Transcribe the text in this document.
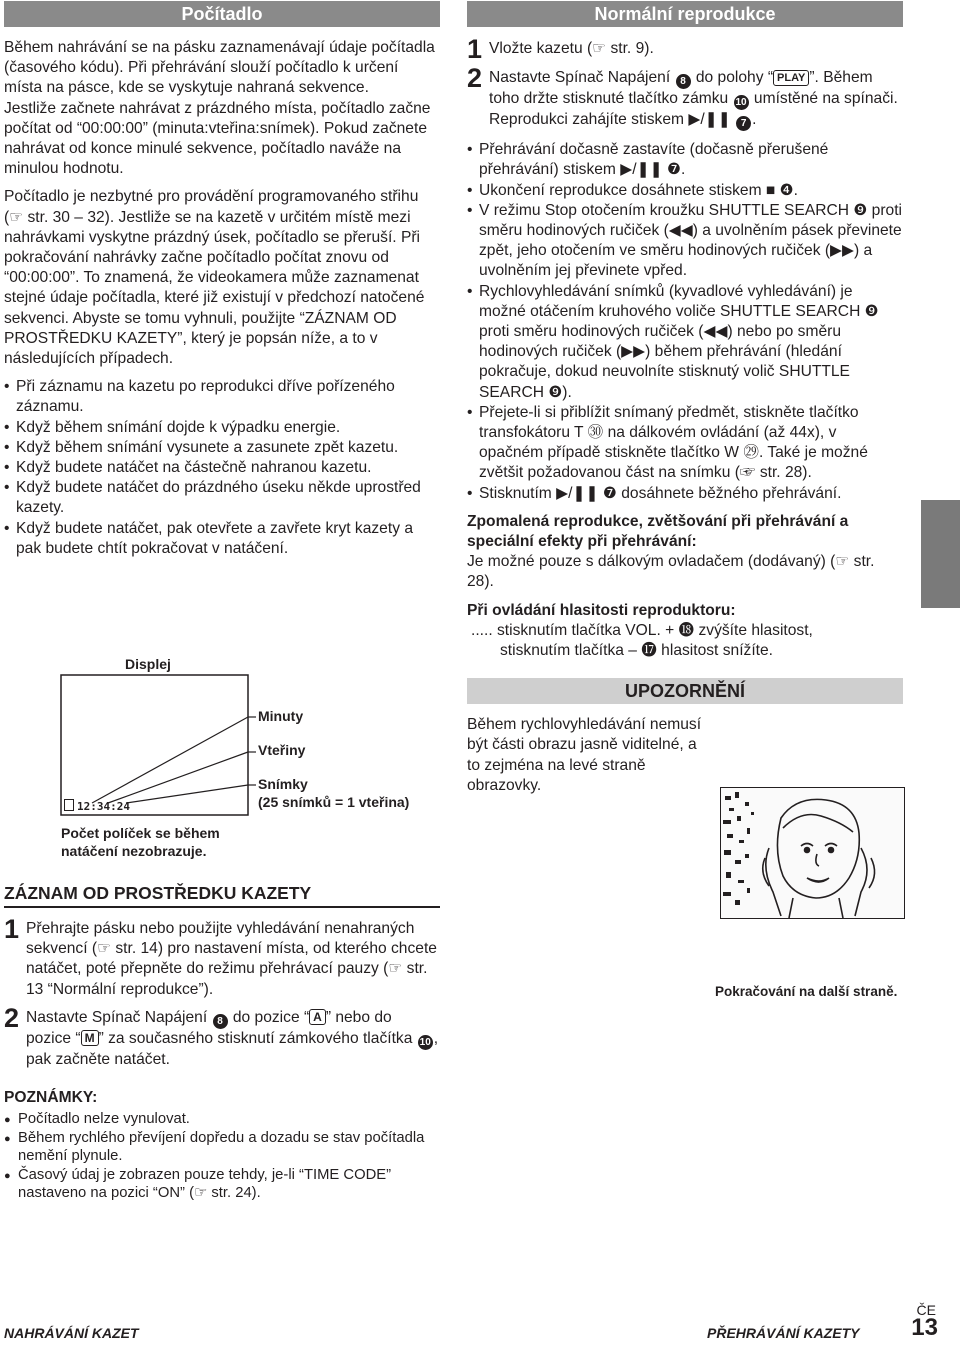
Počítadlo

Během nahrávání se na pásku zaznamenávají údaje počítadla (časového kódu). Při přehrávání slouží počítadlo k určení místa na pásce, kde se vyskytuje nahraná sekvence.

Jestliže začnete nahrávat z prázdného místa, počítadlo začne počítat od “00:00:00” (minuta:vteřina:snímek). Pokud začnete nahrávat od konce minulé sekvence, počítadlo naváže na minulou hodnotu.

Počítadlo je nezbytné pro provádění programovaného střihu (☞ str. 30 – 32). Jestliže se na kazetě v určitém místě mezi nahrávkami vyskytne prázdný úsek, počítadlo se přeruší. Při pokračování nahrávky začne počítadlo počítat znovu od “00:00:00”. To znamená, že videokamera může zaznamenat stejné údaje počítadla, které již existují v předchozí natočené sekvenci. Abyste se tomu vyhnuli, použijte “ZÁZNAM OD PROSTŘEDKU KAZETY”, který je popsán níže, a to v následujících případech.

• Při záznamu na kazetu po reprodukci dříve pořízeného záznamu.
• Když během snímání dojde k výpadku energie.
• Když během snímání vysunete a zasunete zpět kazetu.
• Když budete natáčet na částečně nahranou kazetu.
• Když budete natáčet do prázdného úseku někde uprostřed kazety.
• Když budete natáčet, pak otevřete a zavřete kryt kazety a pak budete chtít pokračovat v natáčení.
Displej
12:34:24
Minuty
Vteřiny
Snímky
(25 snímků = 1 vteřina)
Počet políček se během natáčení nezobrazuje.
ZÁZNAM OD PROSTŘEDKU KAZETY
1 Přehrajte pásku nebo použijte vyhledávání nenahraných sekvencí (☞ str. 14) pro nastavení místa, od kterého chcete natáčet, poté přepněte do režimu přehrávací pauzy (☞ str. 13 “Normální reprodukce”).
2 Nastavte Spínač Napájení 8 do pozice “ A ” nebo do pozice “ M ” za současného stisknutí zámkového tlačítka 10 , pak začněte natáčet.
POZNÁMKY:
● Počítadlo nelze vynulovat.
● Během rychlého převíjení dopředu a dozadu se stav počítadla nemění plynule.
● Časový údaj je zobrazen pouze tehdy, je-li “TIME CODE” nastaveno na pozici “ON” (☞ str. 24).
Normální reprodukce
1 Vložte kazetu (☞ str. 9).
2 Nastavte Spínač Napájení 8 do polohy “ PLAY ”. Během toho držte stisknuté tlačítko zámku 10 umístěné na spínači. Reprodukci zahájíte stiskem ▶/❚❚ 7 .
• Přehrávání dočasně zastavíte (dočasně přerušené přehrávání) stiskem ▶/❚❚ ❼.
• Ukončení reprodukce dosáhnete stiskem ■ ❹.
• V režimu Stop otočením kroužku SHUTTLE SEARCH ❾ proti směru hodinových ručiček (◀◀) a uvolněním pásek převinete zpět, jeho otočením ve směru hodinových ručiček (▶▶) a uvolněním jej převinete vpřed.
• Rychlovyhledávání snímků (kyvadlové vyhledávání) je možné otáčením kruhového voliče SHUTTLE SEARCH ❾ proti směru hodinových ručiček (◀◀) nebo po směru hodinových ručiček (▶▶) během přehrávání (hledání pokračuje, dokud neuvolníte stisknutý volič SHUTTLE SEARCH ❾).
• Přejete-li si přiblížit snímaný předmět, stiskněte tlačítko transfokátoru T ㉚ na dálkovém ovládání (až 44x), v opačném případě stiskněte tlačítko W ㉙. Také je možné zvětšit požadovanou část na snímku (☞ str. 28).
• Stisknutím ▶/❚❚ ❼ dosáhnete běžného přehrávání.
Zpomalená reprodukce, zvětšování při přehrávání a speciální efekty při přehrávání:

Je možné pouze s dálkovým ovladačem (dodávaný) (☞ str. 28).

Při ovládání hlasitosti reproduktoru:

..... stisknutím tlačítka VOL. + ⓲ zvýšíte hlasitost,

stisknutím tlačítka – ⓱ hlasitost snížíte.

UPOZORNĚNÍ

Během rychlovyhledávání nemusí být části obrazu jasně viditelné, a to zejména na levé straně obrazovky.

Pokračování na další straně.
NAHRÁVÁNÍ KAZET	PŘEHRÁVÁNÍ KAZETY
ČE
13
